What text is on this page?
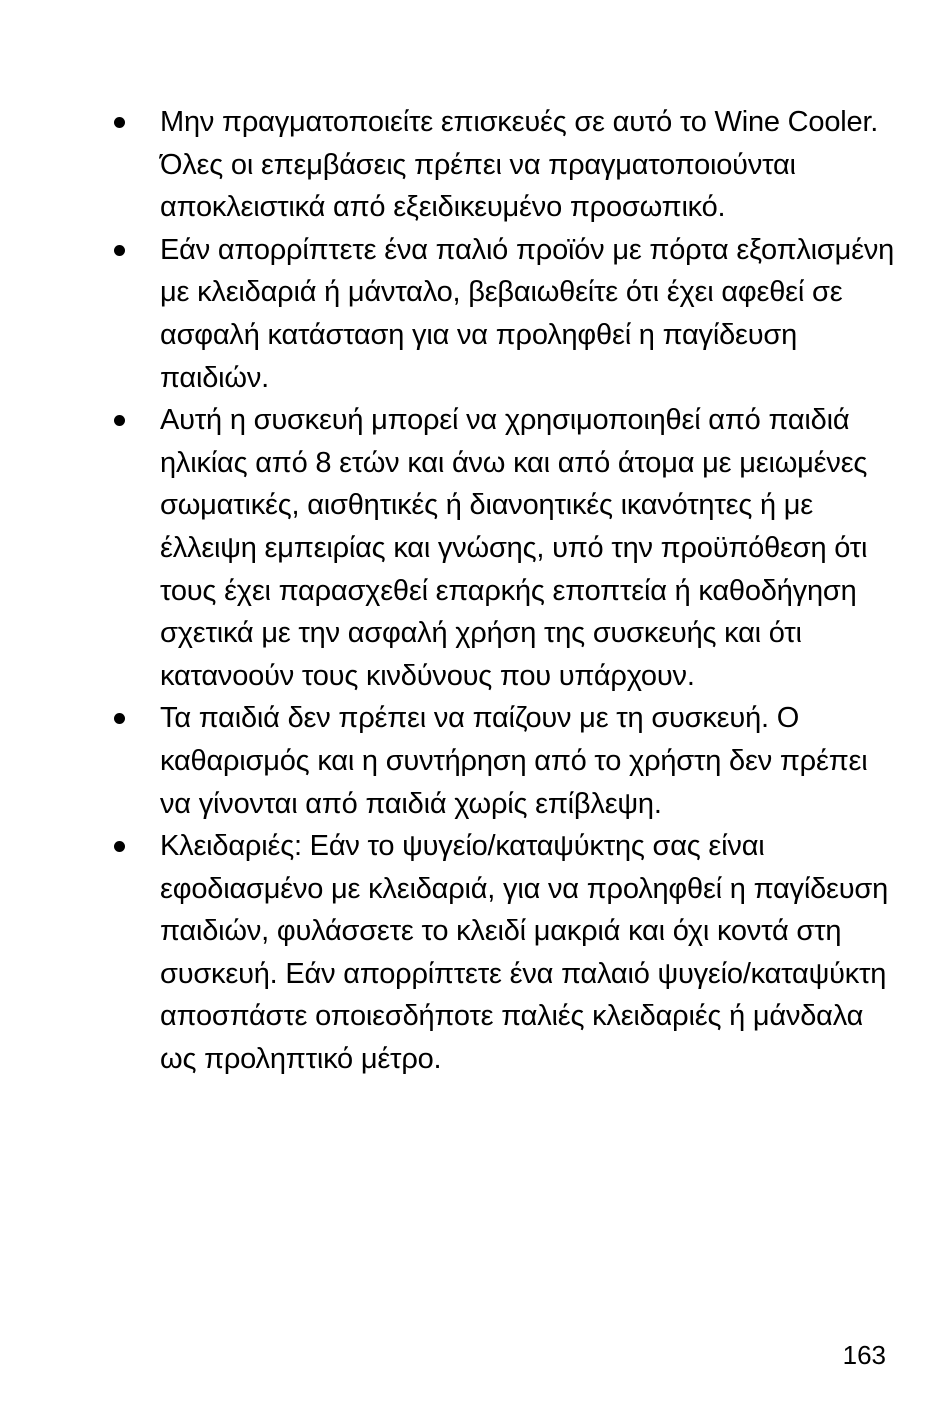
Μην πραγματοποιείτε επισκευές σε αυτό το Wine Cooler. Όλες οι επεμβάσεις πρέπει να πραγματοποιούνται αποκλειστικά από εξειδικευμένο προσωπικό.
Εάν απορρίπτετε ένα παλιό προϊόν με πόρτα εξοπλισμένη με κλειδαριά ή μάνταλο, βεβαιωθείτε ότι έχει αφεθεί σε ασφαλή κατάσταση για να προληφθεί η παγίδευση παιδιών.
Αυτή η συσκευή μπορεί να χρησιμοποιηθεί από παιδιά ηλικίας από 8 ετών και άνω και από άτομα με μειωμένες σωματικές, αισθητικές ή διανοητικές ικανότητες ή με έλλειψη εμπειρίας και γνώσης, υπό την προϋπόθεση ότι τους έχει παρασχεθεί επαρκής εποπτεία ή καθοδήγηση σχετικά με την ασφαλή χρήση της συσκευής και ότι κατανοούν τους κινδύνους που υπάρχουν.
Τα παιδιά δεν πρέπει να παίζουν με τη συσκευή. Ο καθαρισμός και η συντήρηση από το χρήστη δεν πρέπει να γίνονται από παιδιά χωρίς επίβλεψη.
Κλειδαριές: Εάν το ψυγείο/καταψύκτης σας είναι εφοδιασμένο με κλειδαριά, για να προληφθεί η παγίδευση παιδιών, φυλάσσετε το κλειδί μακριά και όχι κοντά στη συσκευή. Εάν απορρίπτετε ένα παλαιό ψυγείο/καταψύκτη αποσπάστε οποιεσδήποτε παλιές κλειδαριές ή μάνδαλα ως προληπτικό μέτρο.
163
